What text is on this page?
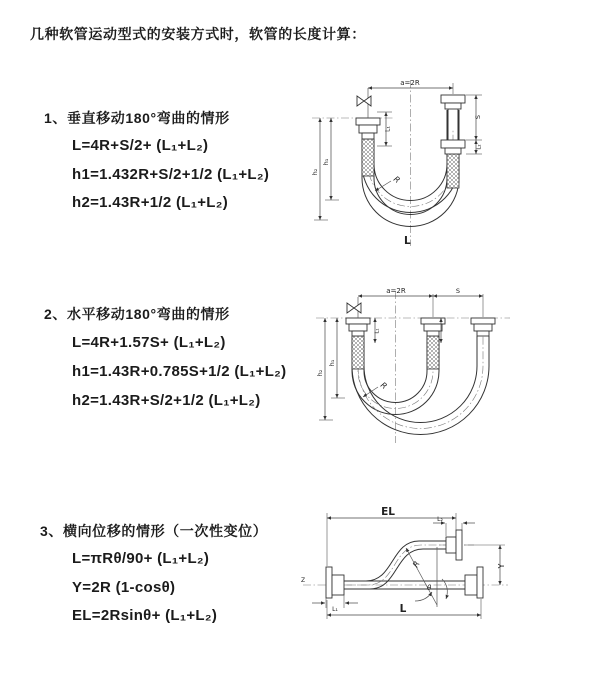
几种软管运动型式的安装方式时，软管的长度计算：
1、垂直移动180°弯曲的情形
L=4R+S/2+ (L₁+L₂)
h1=1.432R+S/2+1/2 (L₁+L₂)
h2=1.43R+1/2 (L₁+L₂)
2、水平移动180°弯曲的情形
L=4R+1.57S+ (L₁+L₂)
h1=1.43R+0.785S+1/2 (L₁+L₂)
h2=1.43R+S/2+1/2 (L₁+L₂)
3、横向位移的情形（一次性变位）
L=πRθ/90+ (L₁+L₂)
Y=2R (1-cosθ)
EL=2Rsinθ+ (L₁+L₂)
a=2R
S
L₂
L₁
h₂
h₁
R
L
a=2R	S
L₁
h₂
h₁
R
Z
θ
R
EL
L₂
Y
L
L₁
